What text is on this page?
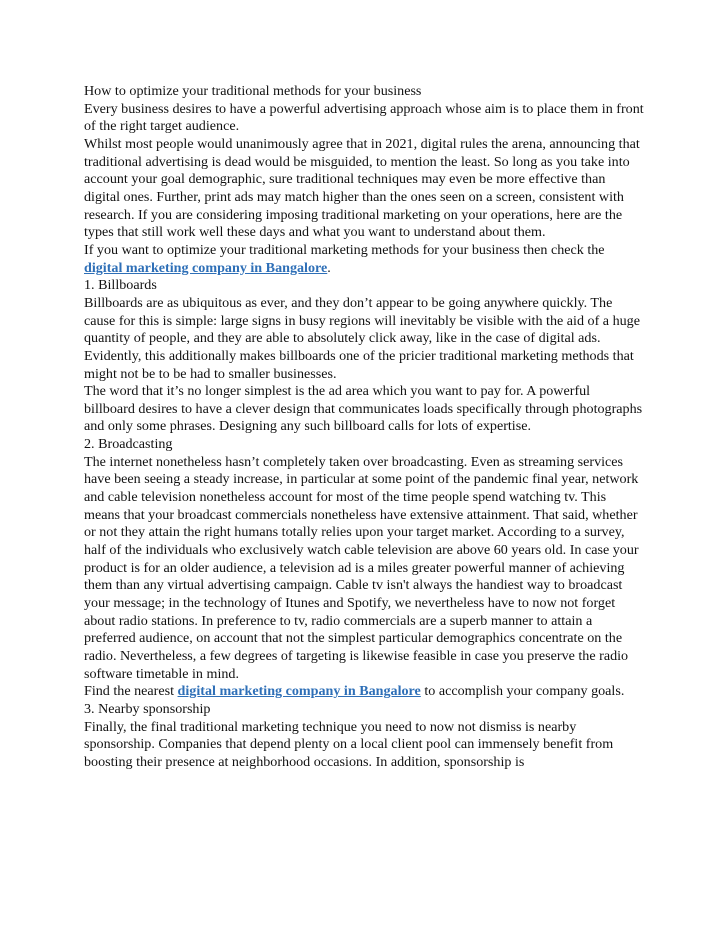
How to optimize your traditional methods for your business

Every business desires to have a powerful advertising approach whose aim is to place them in front of the right target audience.

Whilst most people would unanimously agree that in 2021, digital rules the arena, announcing that traditional advertising is dead would be misguided, to mention the least. So long as you take into account your goal demographic, sure traditional techniques may even be more effective than digital ones. Further, print ads may match higher than the ones seen on a screen, consistent with research. If you are considering imposing traditional marketing on your operations, here are the types that still work well these days and what you want to understand about them.

If you want to optimize your traditional marketing methods for your business then check the digital marketing company in Bangalore.

1. Billboards

Billboards are as ubiquitous as ever, and they don’t appear to be going anywhere quickly. The cause for this is simple: large signs in busy regions will inevitably be visible with the aid of a huge quantity of people, and they are able to absolutely click away, like in the case of digital ads. Evidently, this additionally makes billboards one of the pricier traditional marketing methods that might not be to be had to smaller businesses.

The word that it’s no longer simplest is the ad area which you want to pay for. A powerful billboard desires to have a clever design that communicates loads specifically through photographs and only some phrases. Designing any such billboard calls for lots of expertise.

2. Broadcasting

The internet nonetheless hasn’t completely taken over broadcasting. Even as streaming services have been seeing a steady increase, in particular at some point of the pandemic final year, network and cable television nonetheless account for most of the time people spend watching tv. This means that your broadcast commercials nonetheless have extensive attainment. That said, whether or not they attain the right humans totally relies upon your target market. According to a survey, half of the individuals who exclusively watch cable television are above 60 years old. In case your product is for an older audience, a television ad is a miles greater powerful manner of achieving them than any virtual advertising campaign. Cable tv isn't always the handiest way to broadcast your message; in the technology of Itunes and Spotify, we nevertheless have to now not forget about radio stations. In preference to tv, radio commercials are a superb manner to attain a preferred audience, on account that not the simplest particular demographics concentrate on the radio. Nevertheless, a few degrees of targeting is likewise feasible in case you preserve the radio software timetable in mind.

Find the nearest digital marketing company in Bangalore to accomplish your company goals.

3. Nearby sponsorship

Finally, the final traditional marketing technique you need to now not dismiss is nearby sponsorship. Companies that depend plenty on a local client pool can immensely benefit from boosting their presence at neighborhood occasions. In addition, sponsorship is
